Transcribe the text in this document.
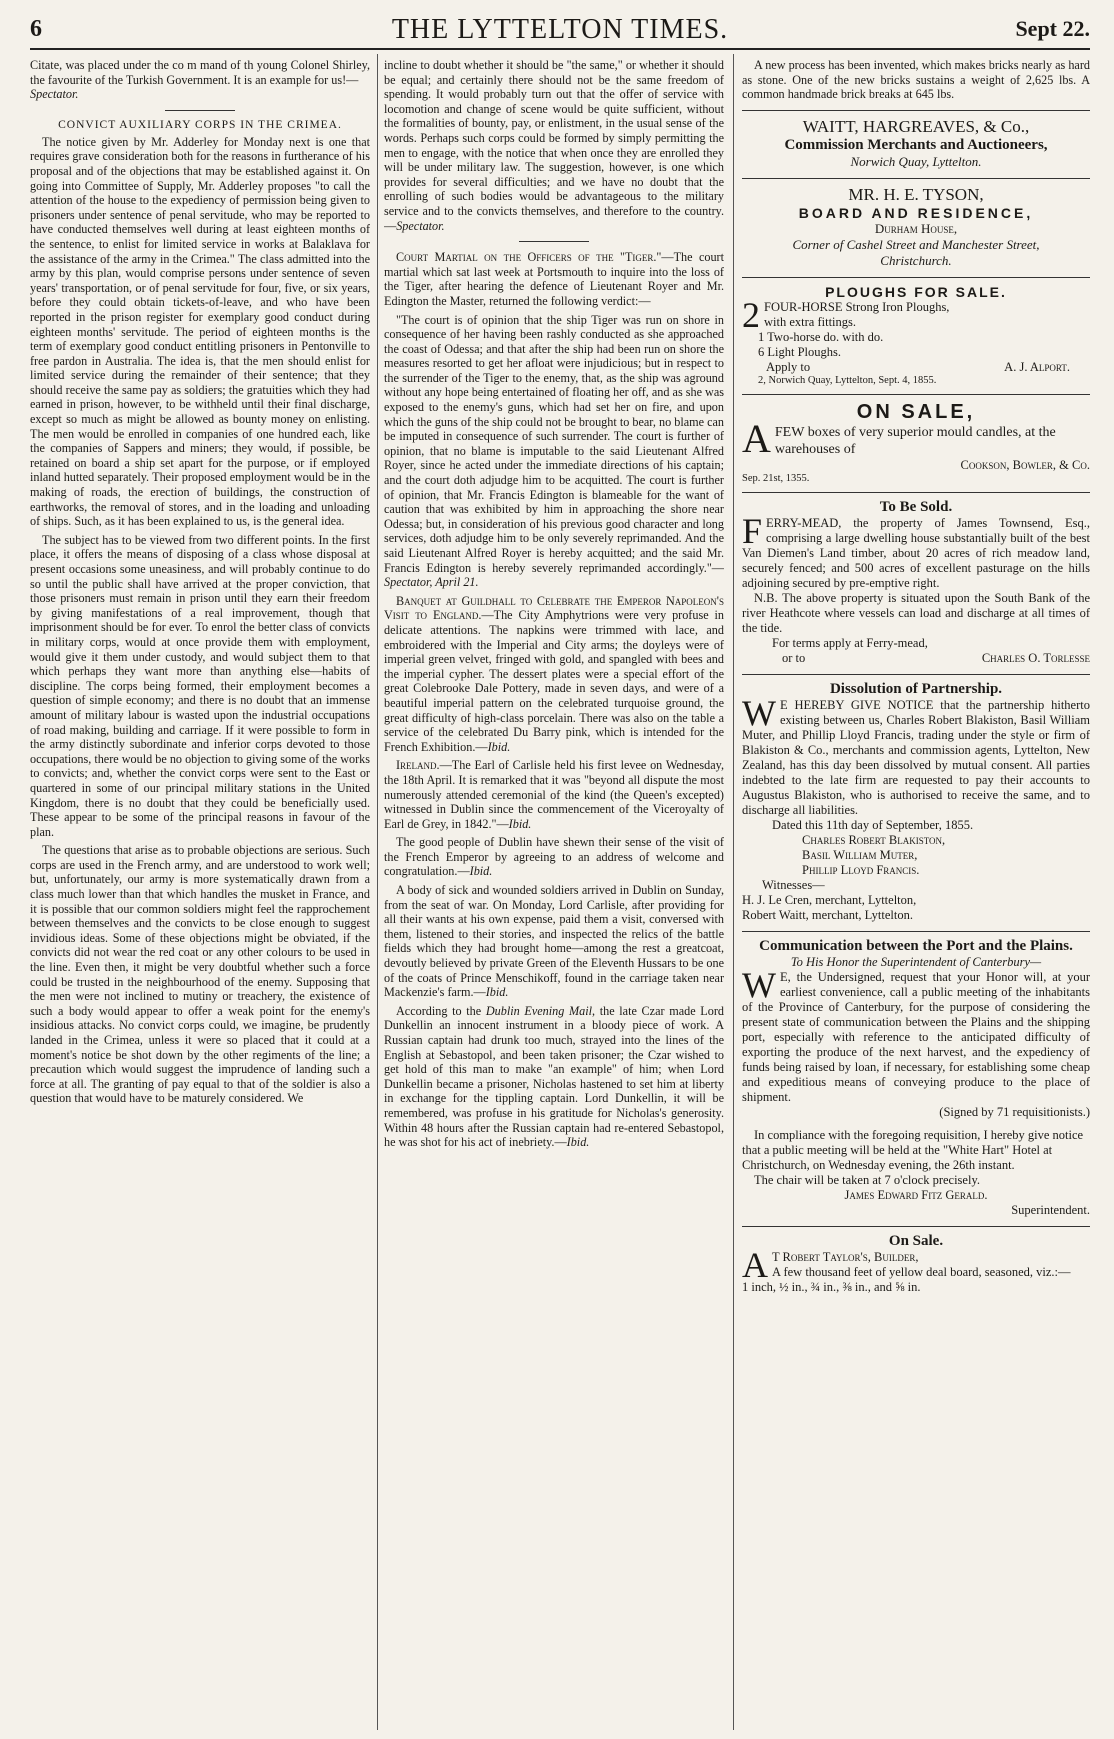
6	THE LYTTELTON TIMES.	Sept 22.

Citate, was placed under the co m mand of th young Colonel Shirley, the favourite of the Turkish Government. It is an example for us!—
Spectator.

CONVICT AUXILIARY CORPS IN THE CRIMEA.

The notice given by Mr. Adderley for Monday next is one that requires grave consideration both for the reasons in furtherance of his proposal and of the objections that may be established against it. On going into Committee of Supply, Mr. Adderley proposes "to call the attention of the house to the expediency of permission being given to prisoners under sentence of penal servitude, who may be reported to have conducted themselves well during at least eighteen months of the sentence, to enlist for limited service in works at Balaklava for the assistance of the army in the Crimea." The class admitted into the army by this plan, would comprise persons under sentence of seven years' transportation, or of penal servitude for four, five, or six years, before they could obtain tickets-of-leave, and who have been reported in the prison register for exemplary good conduct during eighteen months' servitude. The period of eighteen months is the term of exemplary good conduct entitling prisoners in Pentonville to free pardon in Australia. The idea is, that the men should enlist for limited service during the remainder of their sentence; that they should receive the same pay as soldiers; the gratuities which they had earned in prison, however, to be withheld until their final discharge, except so much as might be allowed as bounty money on enlisting. The men would be enrolled in companies of one hundred each, like the companies of Sappers and miners; they would, if possible, be retained on board a ship set apart for the purpose, or if employed inland hutted separately. Their proposed employment would be in the making of roads, the erection of buildings, the construction of earthworks, the removal of stores, and in the loading and unloading of ships. Such, as it has been explained to us, is the general idea.

The subject has to be viewed from two different points. In the first place, it offers the means of disposing of a class whose disposal at present occasions some uneasiness, and will probably continue to do so until the public shall have arrived at the proper conviction, that those prisoners must remain in prison until they earn their freedom by giving manifestations of a real improvement, though that imprisonment should be for ever. To enrol the better class of convicts in military corps, would at once provide them with employment, would give it them under custody, and would subject them to that which perhaps they want more than anything else—habits of discipline. The corps being formed, their employment becomes a question of simple economy; and there is no doubt that an immense amount of military labour is wasted upon the industrial occupations of road making, building and carriage. If it were possible to form in the army distinctly subordinate and inferior corps devoted to those occupations, there would be no objection to giving some of the works to convicts; and, whether the convict corps were sent to the East or quartered in some of our principal military stations in the United Kingdom, there is no doubt that they could be beneficially used. These appear to be some of the principal reasons in favour of the plan.

The questions that arise as to probable objections are serious. Such corps are used in the French army, and are understood to work well; but, unfortunately, our army is more systematically drawn from a class much lower than that which handles the musket in France, and it is possible that our common soldiers might feel the rapprochement between themselves and the convicts to be close enough to suggest invidious ideas. Some of these objections might be obviated, if the convicts did not wear the red coat or any other colours to be used in the line. Even then, it might be very doubtful whether such a force could be trusted in the neighbourhood of the enemy. Supposing that the men were not inclined to mutiny or treachery, the existence of such a body would appear to offer a weak point for the enemy's insidious attacks. No convict corps could, we imagine, be prudently landed in the Crimea, unless it were so placed that it could at a moment's notice be shot down by the other regiments of the line; a precaution which would suggest the imprudence of landing such a force at all. The granting of pay equal to that of the soldier is also a question that would have to be maturely considered. We

incline to doubt whether it should be "the same," or whether it should be equal; and certainly there should not be the same freedom of spending. It would probably turn out that the offer of service with locomotion and change of scene would be quite sufficient, without the formalities of bounty, pay, or enlistment, in the usual sense of the words. Perhaps such corps could be formed by simply permitting the men to engage, with the notice that when once they are enrolled they will be under military law. The suggestion, however, is one which provides for several difficulties; and we have no doubt that the enrolling of such bodies would be advantageous to the military service and to the convicts themselves, and therefore to the country.—Spectator.

Court Martial on the Officers of the "Tiger."—The court martial which sat last week at Portsmouth to inquire into the loss of the Tiger, after hearing the defence of Lieutenant Royer and Mr. Edington the Master, returned the following verdict:—

"The court is of opinion that the ship Tiger was run on shore in consequence of her having been rashly conducted as she approached the coast of Odessa; and that after the ship had been run on shore the measures resorted to get her afloat were injudicious; but in respect to the surrender of the Tiger to the enemy, that, as the ship was aground without any hope being entertained of floating her off, and as she was exposed to the enemy's guns, which had set her on fire, and upon which the guns of the ship could not be brought to bear, no blame can be imputed in consequence of such surrender. The court is further of opinion, that no blame is imputable to the said Lieutenant Alfred Royer, since he acted under the immediate directions of his captain; and the court doth adjudge him to be acquitted. The court is further of opinion, that Mr. Francis Edington is blameable for the want of caution that was exhibited by him in approaching the shore near Odessa; but, in consideration of his previous good character and long services, doth adjudge him to be only severely reprimanded. And the said Lieutenant Alfred Royer is hereby acquitted; and the said Mr. Francis Edington is hereby severely reprimanded accordingly."—Spectator, April 21.

Banquet at Guildhall to Celebrate the Emperor Napoleon's Visit to England.—The City Amphytrions were very profuse in delicate attentions. The napkins were trimmed with lace, and embroidered with the Imperial and City arms; the doyleys were of imperial green velvet, fringed with gold, and spangled with bees and the imperial cypher. The dessert plates were a special effort of the great Colebrooke Dale Pottery, made in seven days, and were of a beautiful imperial pattern on the celebrated turquoise ground, the great difficulty of high-class porcelain. There was also on the table a service of the celebrated Du Barry pink, which is intended for the French Exhibition.—Ibid.

Ireland.—The Earl of Carlisle held his first levee on Wednesday, the 18th April. It is remarked that it was "beyond all dispute the most numerously attended ceremonial of the kind (the Queen's excepted) witnessed in Dublin since the commencement of the Viceroyalty of Earl de Grey, in 1842."—Ibid.

The good people of Dublin have shewn their sense of the visit of the French Emperor by agreeing to an address of welcome and congratulation.—Ibid.

A body of sick and wounded soldiers arrived in Dublin on Sunday, from the seat of war. On Monday, Lord Carlisle, after providing for all their wants at his own expense, paid them a visit, conversed with them, listened to their stories, and inspected the relics of the battle fields which they had brought home—among the rest a greatcoat, devoutly believed by private Green of the Eleventh Hussars to be one of the coats of Prince Menschikoff, found in the carriage taken near Mackenzie's farm.—Ibid.

According to the Dublin Evening Mail, the late Czar made Lord Dunkellin an innocent instrument in a bloody piece of work. A Russian captain had drunk too much, strayed into the lines of the English at Sebastopol, and been taken prisoner; the Czar wished to get hold of this man to make "an example" of him; when Lord Dunkellin became a prisoner, Nicholas hastened to set him at liberty in exchange for the tippling captain. Lord Dunkellin, it will be remembered, was profuse in his gratitude for Nicholas's generosity. Within 48 hours after the Russian captain had re-entered Sebastopol, he was shot for his act of inebriety.—Ibid.

A new process has been invented, which makes bricks nearly as hard as stone. One of the new bricks sustains a weight of 2,625 lbs. A common handmade brick breaks at 645 lbs.

WAITT, HARGREAVES, & Co.,
Commission Merchants and Auctioneers,
Norwich Quay, Lyttelton.
MR. H. E. TYSON,
BOARD AND RESIDENCE,
Durham House,
Corner of Cashel Street and Manchester Street,
Christchurch.
PLOUGHS FOR SALE.
2 FOUR-HORSE Strong Iron Ploughs,
with extra fittings.
1 Two-horse do. with do.
6 Light Ploughs.
Apply to	A. J. Alport.
2, Norwich Quay, Lyttelton, Sept. 4, 1855.
ON SALE,
AFEW boxes of very superior mould candles, at the warehouses of
Cookson, Bowler, & Co.
Sep. 21st, 1355.
To Be Sold.
FERRY-MEAD, the property of James Townsend, Esq., comprising a large dwelling house substantially built of the best Van Diemen's Land timber, about 20 acres of rich meadow land, securely fenced; and 500 acres of excellent pasturage on the hills adjoining secured by pre-emptive right.
N.B. The above property is situated upon the South Bank of the river Heathcote where vessels can load and discharge at all times of the tide.
For terms apply at Ferry-mead,
or to	Charles O. Torlesse
Dissolution of Partnership.
W E HEREBY GIVE NOTICE that the partnership hitherto existing between us, Charles Robert Blakiston, Basil William Muter, and Phillip Lloyd Francis, trading under the style or firm of Blakiston & Co., merchants and commission agents, Lyttelton, New Zealand, has this day been dissolved by mutual consent. All parties indebted to the late firm are requested to pay their accounts to Augustus Blakiston, who is authorised to receive the same, and to discharge all liabilities.
Dated this 11th day of September, 1855.
Charles Robert Blakiston,
Basil William Muter,
Phillip Lloyd Francis.
Witnesses—
H. J. Le Cren, merchant, Lyttelton,
Robert Waitt, merchant, Lyttelton.
Communication between the Port and the Plains.
To His Honor the Superintendent of Canterbury—
W E, the Undersigned, request that your Honor will, at your earliest convenience, call a public meeting of the inhabitants of the Province of Canterbury, for the purpose of considering the present state of communication between the Plains and the shipping port, especially with reference to the anticipated difficulty of exporting the produce of the next harvest, and the expediency of funds being raised by loan, if necessary, for establishing some cheap and expeditious means of conveying produce to the place of shipment.
(Signed by 71 requisitionists.)
In compliance with the foregoing requisition, I hereby give notice that a public meeting will be held at the "White Hart" Hotel at Christchurch, on Wednesday evening, the 26th instant.
The chair will be taken at 7 o'clock precisely.
James Edward Fitz Gerald.
Superintendent.
On Sale.
A T Robert Taylor's, Builder,
A few thousand feet of yellow deal board, seasoned, viz.:—
1 inch, ½ in., ¾ in., ⅜ in., and ⅝ in.
